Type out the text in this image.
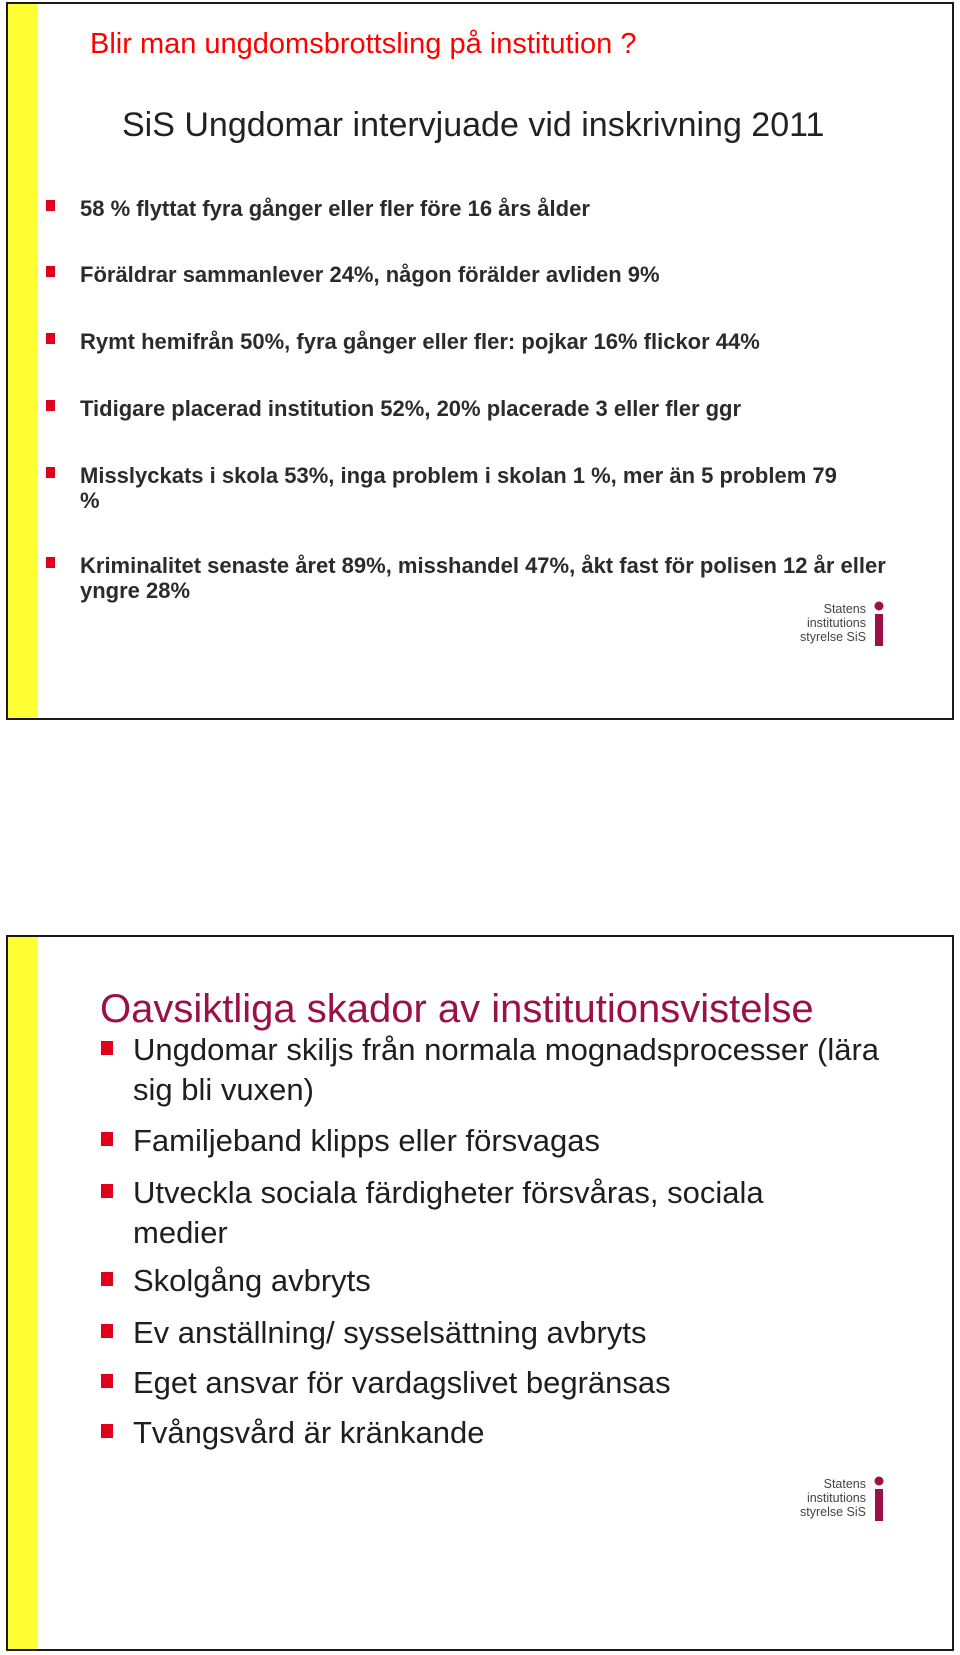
Blir man ungdomsbrottsling på institution ?
SiS Ungdomar intervjuade vid inskrivning 2011
58 % flyttat fyra gånger eller fler före 16 års ålder
Föräldrar sammanlever 24%, någon förälder avliden 9%
Rymt hemifrån 50%, fyra gånger eller fler: pojkar 16% flickor 44%
Tidigare placerad institution 52%, 20% placerade 3 eller fler ggr
Misslyckats i skola 53%, inga problem i skolan 1 %, mer än 5 problem 79 %
Kriminalitet senaste året 89%, misshandel 47%, åkt fast för polisen 12 år eller yngre 28%
Statens
institutions
styrelse SiS
Oavsiktliga skador av institutionsvistelse
Ungdomar skiljs från normala mognadsprocesser (lära sig bli vuxen)
Familjeband klipps eller försvagas
Utveckla sociala färdigheter försvåras, sociala medier
Skolgång avbryts
Ev anställning/ sysselsättning avbryts
Eget ansvar för vardagslivet begränsas
Tvångsvård är kränkande
Statens
institutions
styrelse SiS
